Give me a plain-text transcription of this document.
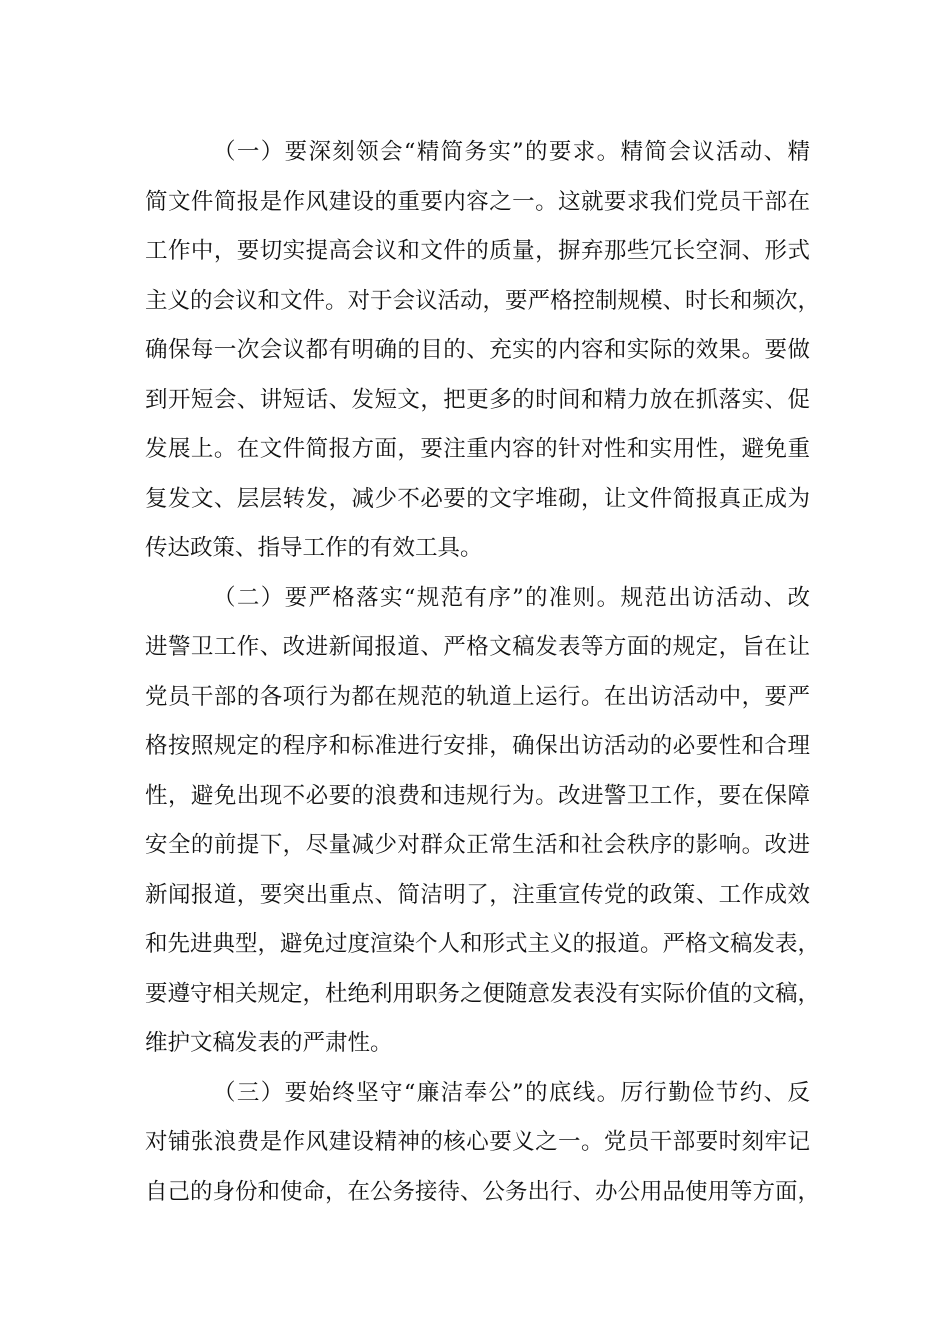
（一）要深刻领会“精简务实”的要求。精简会议活动、精
简文件简报是作风建设的重要内容之一。这就要求我们党员干部在
工作中，要切实提高会议和文件的质量，摒弃那些冗长空洞、形式
主义的会议和文件。对于会议活动，要严格控制规模、时长和频次，
确保每一次会议都有明确的目的、充实的内容和实际的效果。要做
到开短会、讲短话、发短文，把更多的时间和精力放在抓落实、促
发展上。在文件简报方面，要注重内容的针对性和实用性，避免重
复发文、层层转发，减少不必要的文字堆砌，让文件简报真正成为
传达政策、指导工作的有效工具。
（二）要严格落实“规范有序”的准则。规范出访活动、改
进警卫工作、改进新闻报道、严格文稿发表等方面的规定，旨在让
党员干部的各项行为都在规范的轨道上运行。在出访活动中，要严
格按照规定的程序和标准进行安排，确保出访活动的必要性和合理
性，避免出现不必要的浪费和违规行为。改进警卫工作，要在保障
安全的前提下，尽量减少对群众正常生活和社会秩序的影响。改进
新闻报道，要突出重点、简洁明了，注重宣传党的政策、工作成效
和先进典型，避免过度渲染个人和形式主义的报道。严格文稿发表，
要遵守相关规定，杜绝利用职务之便随意发表没有实际价值的文稿，
维护文稿发表的严肃性。
（三）要始终坚守“廉洁奉公”的底线。厉行勤俭节约、反
对铺张浪费是作风建设精神的核心要义之一。党员干部要时刻牢记
自己的身份和使命，在公务接待、公务出行、办公用品使用等方面，
